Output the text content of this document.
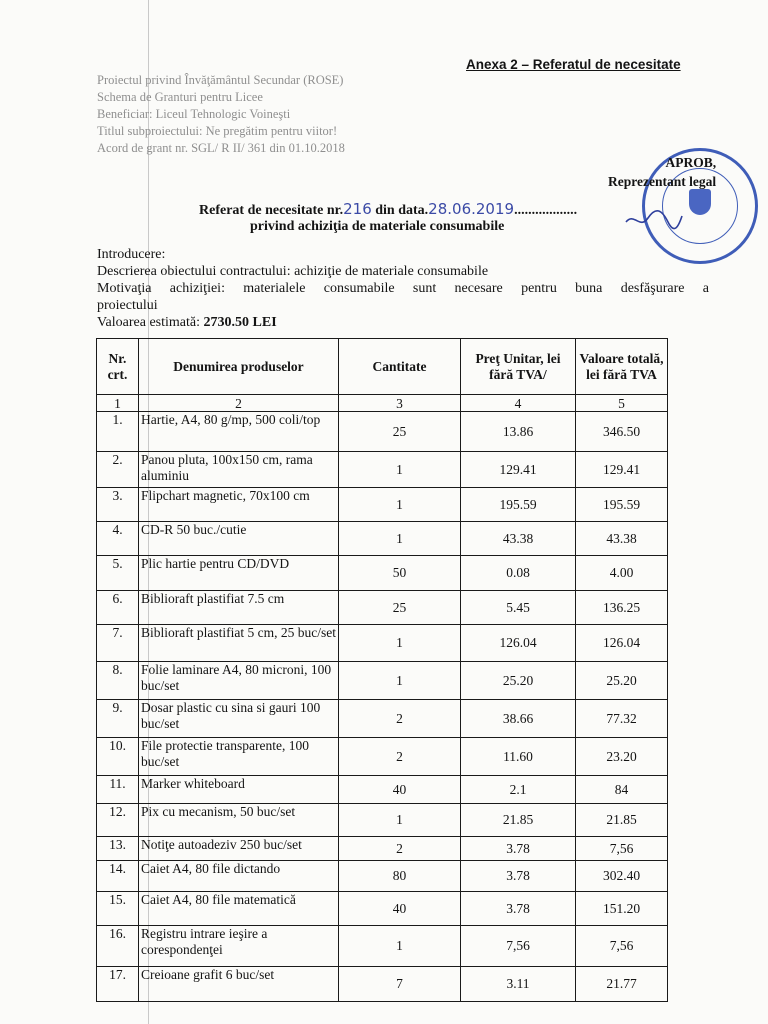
Anexa 2 – Referatul de necesitate
Proiectul privind Învăţământul Secundar (ROSE)
Schema de Granturi pentru Licee
Beneficiar: Liceul Tehnologic Voineşti
Titlul subproiectului: Ne pregătim pentru viitor!
Acord de grant nr. SGL/ R II/ 361 din 01.10.2018
APROB,
Reprezentant legal
Referat de necesitate nr.216 din data.28.06.2019..................
privind achiziţia de materiale consumabile
Introducere:
Descrierea obiectului contractului: achiziţie de materiale consumabile
Motivaţia achiziţiei: materialele consumabile sunt necesare pentru buna desfăşurare a
proiectului
Valoarea estimată: 2730.50 LEI
Nr. crt.	Denumirea produselor	Cantitate	Preţ Unitar, lei fără TVA/	Valoare totală, lei fără TVA
1	2	3	4	5
1.	Hartie, A4, 80 g/mp, 500 coli/top	25	13.86	346.50
2.	Panou pluta, 100x150 cm, rama aluminiu	1	129.41	129.41
3.	Flipchart magnetic, 70x100 cm	1	195.59	195.59
4.	CD-R 50 buc./cutie	1	43.38	43.38
5.	Plic hartie pentru CD/DVD	50	0.08	4.00
6.	Biblioraft plastifiat 7.5 cm	25	5.45	136.25
7.	Biblioraft plastifiat 5 cm, 25 buc/set	1	126.04	126.04
8.	Folie laminare A4, 80 microni, 100 buc/set	1	25.20	25.20
9.	Dosar plastic cu sina si gauri 100 buc/set	2	38.66	77.32
10.	File protectie transparente, 100 buc/set	2	11.60	23.20
11.	Marker whiteboard	40	2.1	84
12.	Pix cu mecanism, 50 buc/set	1	21.85	21.85
13.	Notiţe autoadeziv 250 buc/set	2	3.78	7,56
14.	Caiet A4, 80 file dictando	80	3.78	302.40
15.	Caiet A4, 80 file matematică	40	3.78	151.20
16.	Registru intrare ieşire a corespondenţei	1	7,56	7,56
17.	Creioane grafit 6 buc/set	7	3.11	21.77
